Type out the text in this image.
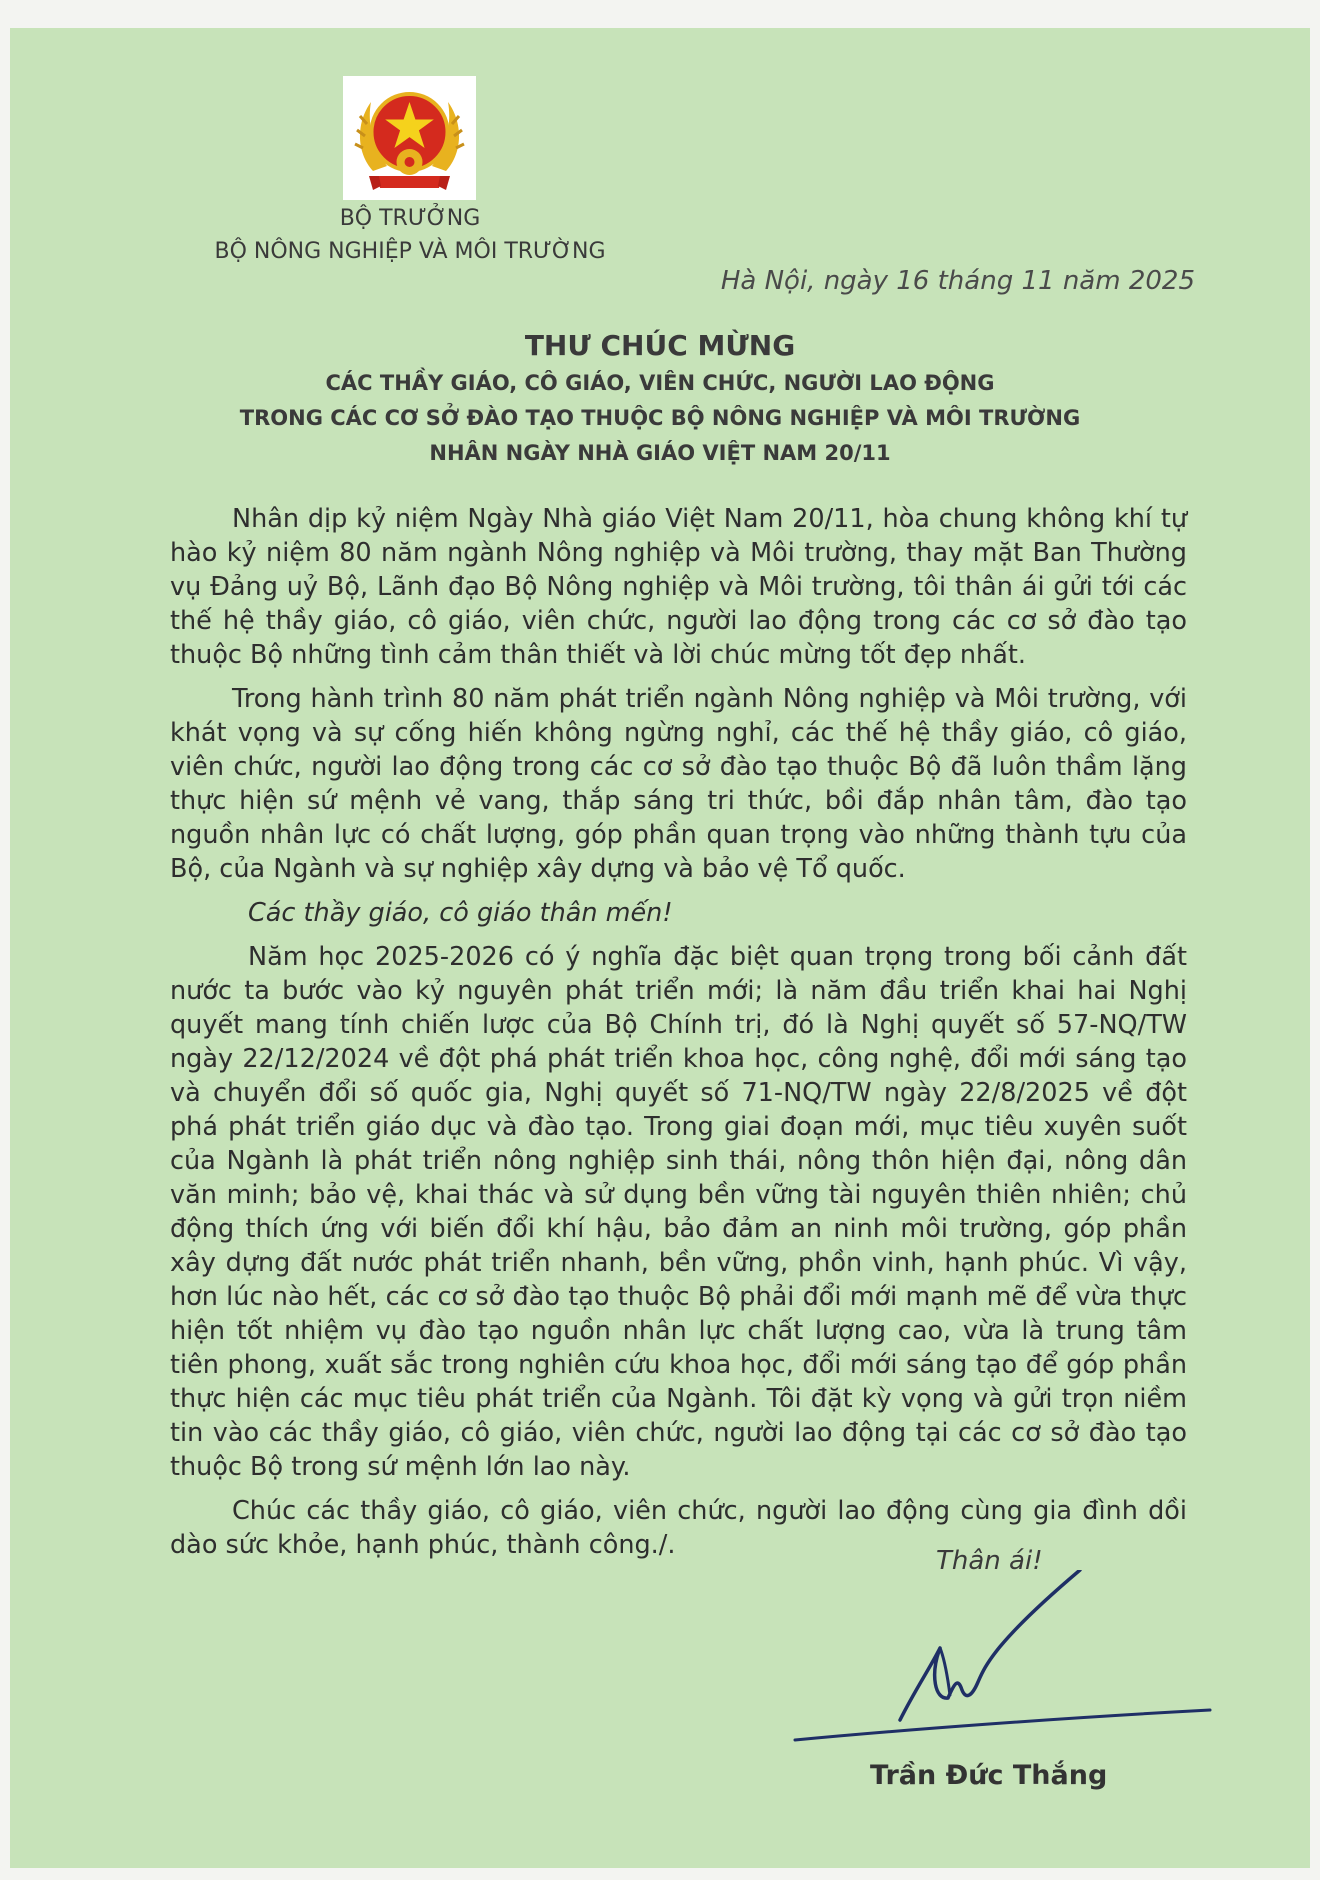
BỘ TRƯỞNG
BỘ NÔNG NGHIỆP VÀ MÔI TRƯỜNG
Hà Nội, ngày 16 tháng 11 năm 2025
THƯ CHÚC MỪNG
CÁC THẦY GIÁO, CÔ GIÁO, VIÊN CHỨC, NGƯỜI LAO ĐỘNG
TRONG CÁC CƠ SỞ ĐÀO TẠO THUỘC BỘ NÔNG NGHIỆP VÀ MÔI TRƯỜNG
NHÂN NGÀY NHÀ GIÁO VIỆT NAM 20/11

Nhân dịp kỷ niệm Ngày Nhà giáo Việt Nam 20/11, hòa chung không khí tự hào kỷ niệm 80 năm ngành Nông nghiệp và Môi trường, thay mặt Ban Thường vụ Đảng uỷ Bộ, Lãnh đạo Bộ Nông nghiệp và Môi trường, tôi thân ái gửi tới các thế hệ thầy giáo, cô giáo, viên chức, người lao động trong các cơ sở đào tạo thuộc Bộ những tình cảm thân thiết và lời chúc mừng tốt đẹp nhất.

Trong hành trình 80 năm phát triển ngành Nông nghiệp và Môi trường, với khát vọng và sự cống hiến không ngừng nghỉ, các thế hệ thầy giáo, cô giáo, viên chức, người lao động trong các cơ sở đào tạo thuộc Bộ đã luôn thầm lặng thực hiện sứ mệnh vẻ vang, thắp sáng tri thức, bồi đắp nhân tâm, đào tạo nguồn nhân lực có chất lượng, góp phần quan trọng vào những thành tựu của Bộ, của Ngành và sự nghiệp xây dựng và bảo vệ Tổ quốc.

Các thầy giáo, cô giáo thân mến!

Năm học 2025-2026 có ý nghĩa đặc biệt quan trọng trong bối cảnh đất nước ta bước vào kỷ nguyên phát triển mới; là năm đầu triển khai hai Nghị quyết mang tính chiến lược của Bộ Chính trị, đó là Nghị quyết số 57-NQ/TW ngày 22/12/2024 về đột phá phát triển khoa học, công nghệ, đổi mới sáng tạo và chuyển đổi số quốc gia, Nghị quyết số 71-NQ/TW ngày 22/8/2025 về đột phá phát triển giáo dục và đào tạo. Trong giai đoạn mới, mục tiêu xuyên suốt của Ngành là phát triển nông nghiệp sinh thái, nông thôn hiện đại, nông dân văn minh; bảo vệ, khai thác và sử dụng bền vững tài nguyên thiên nhiên; chủ động thích ứng với biến đổi khí hậu, bảo đảm an ninh môi trường, góp phần xây dựng đất nước phát triển nhanh, bền vững, phồn vinh, hạnh phúc. Vì vậy, hơn lúc nào hết, các cơ sở đào tạo thuộc Bộ phải đổi mới mạnh mẽ để vừa thực hiện tốt nhiệm vụ đào tạo nguồn nhân lực chất lượng cao, vừa là trung tâm tiên phong, xuất sắc trong nghiên cứu khoa học, đổi mới sáng tạo để góp phần thực hiện các mục tiêu phát triển của Ngành. Tôi đặt kỳ vọng và gửi trọn niềm tin vào các thầy giáo, cô giáo, viên chức, người lao động tại các cơ sở đào tạo thuộc Bộ trong sứ mệnh lớn lao này.

Chúc các thầy giáo, cô giáo, viên chức, người lao động cùng gia đình dồi dào sức khỏe, hạnh phúc, thành công./.

Thân ái!
Trần Đức Thắng
